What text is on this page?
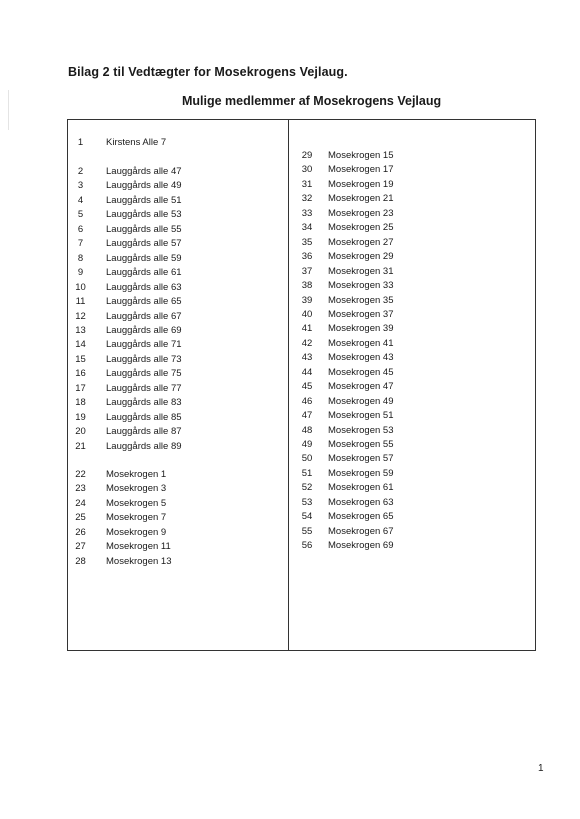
Bilag 2 til Vedtægter for Mosekrogens Vejlaug.
Mulige medlemmer af Mosekrogens Vejlaug
1	Kirstens Alle 7
2	Lauggårds alle 47
3	Lauggårds alle 49
4	Lauggårds alle 51
5	Lauggårds alle 53
6	Lauggårds alle 55
7	Lauggårds alle 57
8	Lauggårds alle 59
9	Lauggårds alle 61
10	Lauggårds alle 63
11	Lauggårds alle 65
12	Lauggårds alle 67
13	Lauggårds alle 69
14	Lauggårds alle 71
15	Lauggårds alle 73
16	Lauggårds alle 75
17	Lauggårds alle 77
18	Lauggårds alle 83
19	Lauggårds alle 85
20	Lauggårds alle 87
21	Lauggårds alle 89
22	Mosekrogen 1
23	Mosekrogen 3
24	Mosekrogen 5
25	Mosekrogen 7
26	Mosekrogen 9
27	Mosekrogen 11
28	Mosekrogen 13
29	Mosekrogen 15
30	Mosekrogen 17
31	Mosekrogen 19
32	Mosekrogen 21
33	Mosekrogen 23
34	Mosekrogen 25
35	Mosekrogen 27
36	Mosekrogen 29
37	Mosekrogen 31
38	Mosekrogen 33
39	Mosekrogen 35
40	Mosekrogen 37
41	Mosekrogen 39
42	Mosekrogen 41
43	Mosekrogen 43
44	Mosekrogen 45
45	Mosekrogen 47
46	Mosekrogen 49
47	Mosekrogen 51
48	Mosekrogen 53
49	Mosekrogen 55
50	Mosekrogen 57
51	Mosekrogen 59
52	Mosekrogen 61
53	Mosekrogen 63
54	Mosekrogen 65
55	Mosekrogen 67
56	Mosekrogen 69
1
